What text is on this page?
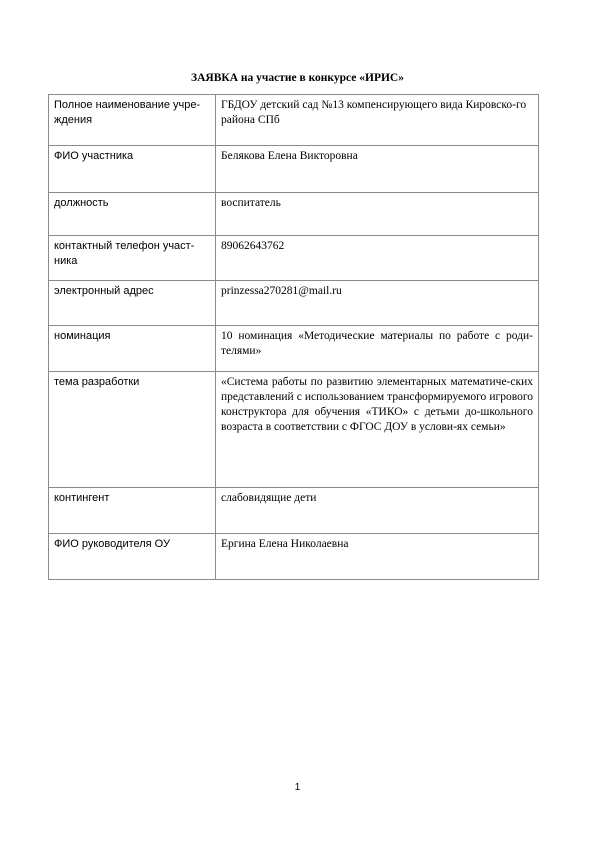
ЗАЯВКА на участие в конкурсе «ИРИС»
Полное наименование учре-ждения	ГБДОУ детский сад №13 компенсирующего вида Кировско-го района СПб
ФИО участника	Белякова Елена Викторовна
должность	воспитатель
контактный телефон участ-ника	89062643762
электронный адрес	prinzessa270281@mail.ru
номинация	10 номинация «Методические материалы по работе с роди-телями»
тема разработки	«Система работы по развитию элементарных математиче-ских представлений с использованием трансформируемого игрового конструктора для обучения «ТИКО» с детьми до-школьного возраста в соответствии с ФГОС ДОУ в услови-ях семьи»
контингент	слабовидящие дети
ФИО руководителя ОУ	Ергина Елена Николаевна
1
